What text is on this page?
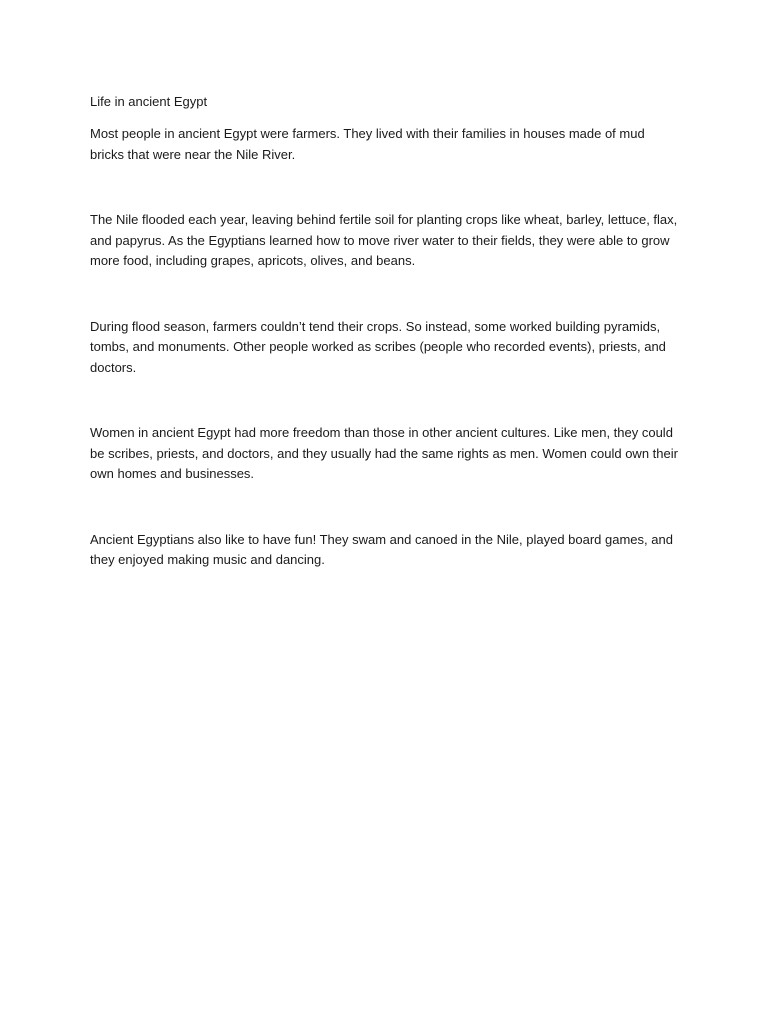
Life in ancient Egypt

Most people in ancient Egypt were farmers. They lived with their families in houses made of mud bricks that were near the Nile River.

The Nile flooded each year, leaving behind fertile soil for planting crops like wheat, barley, lettuce, flax, and papyrus. As the Egyptians learned how to move river water to their fields, they were able to grow more food, including grapes, apricots, olives, and beans.

During flood season, farmers couldn’t tend their crops. So instead, some worked building pyramids, tombs, and monuments. Other people worked as scribes (people who recorded events), priests, and doctors.

Women in ancient Egypt had more freedom than those in other ancient cultures. Like men, they could be scribes, priests, and doctors, and they usually had the same rights as men. Women could own their own homes and businesses.

Ancient Egyptians also like to have fun! They swam and canoed in the Nile, played board games, and they enjoyed making music and dancing.
